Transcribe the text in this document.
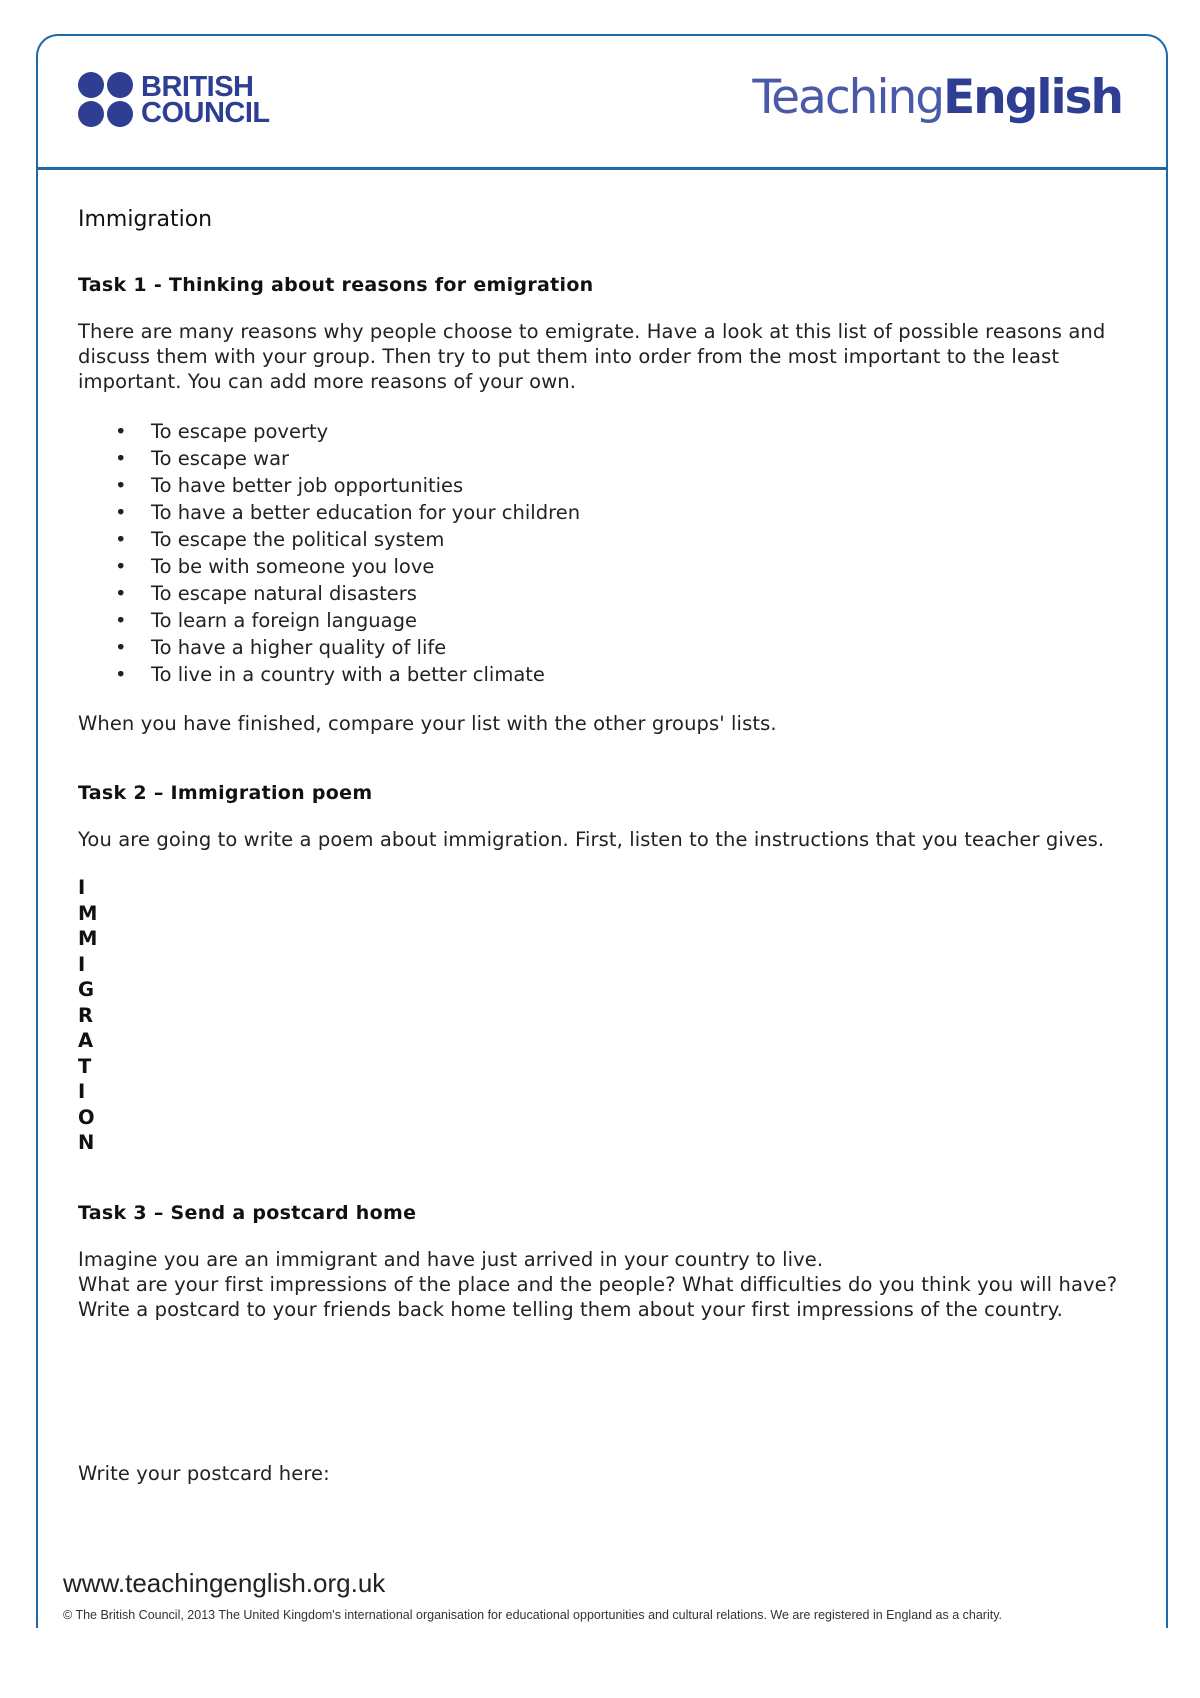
BRITISH
COUNCIL	TeachingEnglish
Immigration
Task 1 - Thinking about reasons for emigration

There are many reasons why people choose to emigrate. Have a look at this list of possible reasons and discuss them with your group. Then try to put them into order from the most important to the least important. You can add more reasons of your own.

• To escape poverty
• To escape war
• To have better job opportunities
• To have a better education for your children
• To escape the political system
• To be with someone you love
• To escape natural disasters
• To learn a foreign language
• To have a higher quality of life
• To live in a country with a better climate

When you have finished, compare your list with the other groups' lists.

Task 2 – Immigration poem

You are going to write a poem about immigration. First, listen to the instructions that you teacher gives.

I
M
M
I
G
R
A
T
I
O
N
Task 3 – Send a postcard home
Imagine you are an immigrant and have just arrived in your country to live.
What are your first impressions of the place and the people? What difficulties do you think you will have?
Write a postcard to your friends back home telling them about your first impressions of the country.
Write your postcard here:
www.teachingenglish.org.uk
© The British Council, 2013 The United Kingdom's international organisation for educational opportunities and cultural relations. We are registered in England as a charity.
